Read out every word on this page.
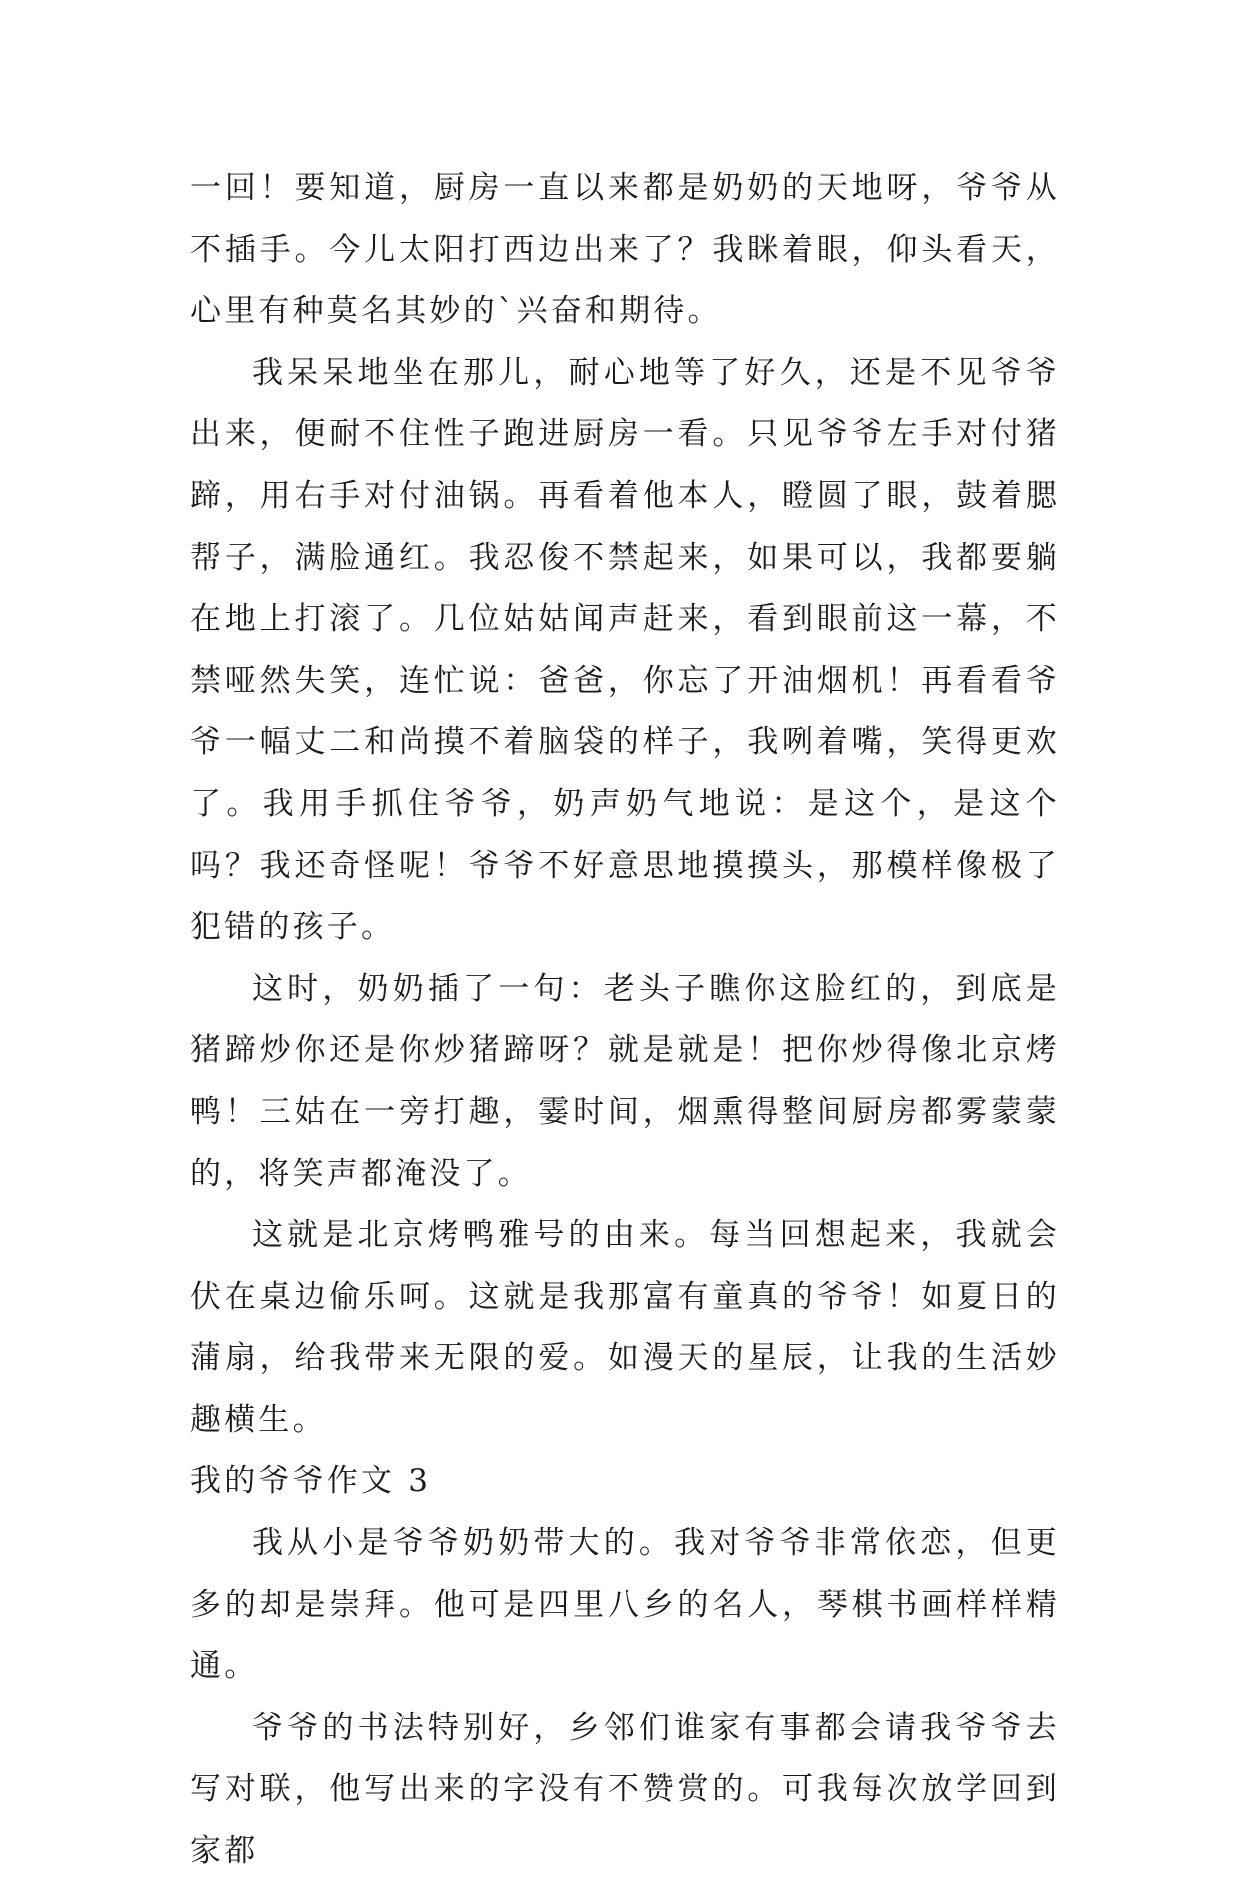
一回！要知道，厨房一直以来都是奶奶的天地呀，爷爷从不插手。今儿太阳打西边出来了？我眯着眼，仰头看天，心里有种莫名其妙的`兴奋和期待。

我呆呆地坐在那儿，耐心地等了好久，还是不见爷爷出来，便耐不住性子跑进厨房一看。只见爷爷左手对付猪蹄，用右手对付油锅。再看着他本人，瞪圆了眼，鼓着腮帮子，满脸通红。我忍俊不禁起来，如果可以，我都要躺在地上打滚了。几位姑姑闻声赶来，看到眼前这一幕，不禁哑然失笑，连忙说：爸爸，你忘了开油烟机！再看看爷爷一幅丈二和尚摸不着脑袋的样子，我咧着嘴，笑得更欢了。我用手抓住爷爷，奶声奶气地说：是这个，是这个吗？我还奇怪呢！爷爷不好意思地摸摸头，那模样像极了犯错的孩子。

这时，奶奶插了一句：老头子瞧你这脸红的，到底是猪蹄炒你还是你炒猪蹄呀？就是就是！把你炒得像北京烤鸭！三姑在一旁打趣，霎时间，烟熏得整间厨房都雾蒙蒙的，将笑声都淹没了。

这就是北京烤鸭雅号的由来。每当回想起来，我就会伏在桌边偷乐呵。这就是我那富有童真的爷爷！如夏日的蒲扇，给我带来无限的爱。如漫天的星辰，让我的生活妙趣横生。

我的爷爷作文 3

我从小是爷爷奶奶带大的。我对爷爷非常依恋，但更多的却是崇拜。他可是四里八乡的名人，琴棋书画样样精通。

爷爷的书法特别好，乡邻们谁家有事都会请我爷爷去写对联，他写出来的字没有不赞赏的。可我每次放学回到家都
